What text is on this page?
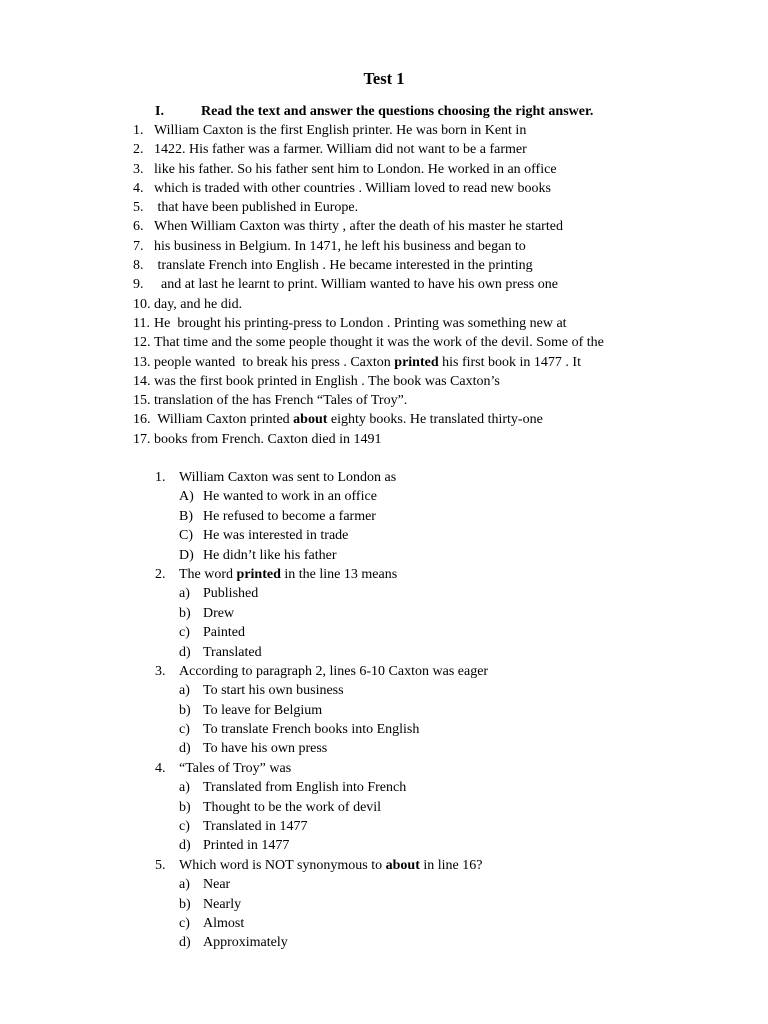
Test 1
I.	Read the text and answer the questions choosing the right answer.
1. William Caxton is the first English printer. He was born in Kent in
2. 1422. His father was a farmer. William did not want to be a farmer
3. like his father. So his father sent him to London. He worked in an office
4. which is traded with other countries . William loved to read new books
5. that have been published in Europe.
6. When William Caxton was thirty , after the death of his master he started
7. his business in Belgium. In 1471, he left his business and began to
8. translate French into English . He became interested in the printing
9. and at last he learnt to print. William wanted to have his own press one
10. day, and he did.
11. He  brought his printing-press to London . Printing was something new at
12. That time and the some people thought it was the work of the devil. Some of the
13. people wanted  to break his press . Caxton printed his first book in 1477 . It
14. was the first book printed in English . The book was Caxton’s
15. translation of the has French “Tales of Troy”.
16. William Caxton printed about eighty books. He translated thirty-one
17. books from French. Caxton died in 1491
1. William Caxton was sent to London as
A) He wanted to work in an office
B) He refused to become a farmer
C) He was interested in trade
D) He didn’t like his father
2. The word printed in the line 13 means
a) Published
b) Drew
c) Painted
d) Translated
3. According to paragraph 2, lines 6-10 Caxton was eager
a) To start his own business
b) To leave for Belgium
c) To translate French books into English
d) To have his own press
4. “Tales of Troy” was
a) Translated from English into French
b) Thought to be the work of devil
c) Translated in 1477
d) Printed in 1477
5. Which word is NOT synonymous to about in line 16?
a) Near
b) Nearly
c) Almost
d) Approximately
